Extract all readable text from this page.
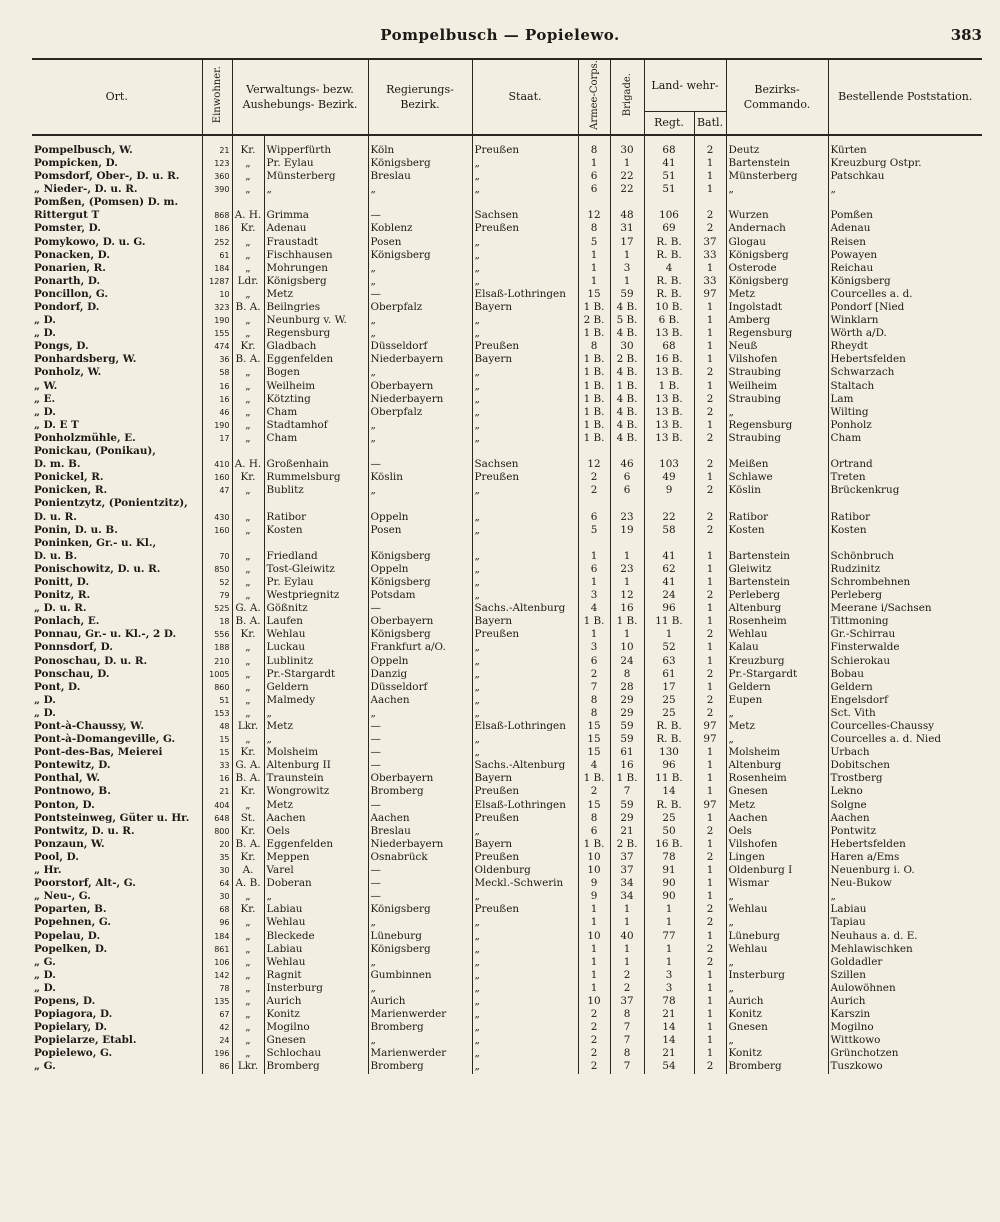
Pompelbusch — Popielewo.	383
Ort.	Einwohner.	Verwaltungs- bezw. Aushebungs- Bezirk.		Regierungs- Bezirk.	Staat.	Armee-Corps.	Brigade.	Land- wehr-		Bezirks- Commando.	Bestellende Poststation.
								Regt.	Batl.		
Pompelbusch, W.	21	Kr.	Wipperfürth	Köln	Preußen	8	30	68	2	Deutz	Kürten
Pompicken, D.	123	„	Pr. Eylau	Königsberg	„	1	1	41	1	Bartenstein	Kreuzburg Ostpr.
Pomsdorf, Ober-, D. u. R.	360	„	Münsterberg	Breslau	„	6	22	51	1	Münsterberg	Patschkau
„ Nieder-, D. u. R.	390	„	„	„	„	6	22	51	1	„	„
Pomßen, (Pomsen) D. m.											
Rittergut T	868	A. H.	Grimma	—	Sachsen	12	48	106	2	Wurzen	Pomßen
Pomster, D.	186	Kr.	Adenau	Koblenz	Preußen	8	31	69	2	Andernach	Adenau
Pomykowo, D. u. G.	252	„	Fraustadt	Posen	„	5	17	R. B.	37	Glogau	Reisen
Ponacken, D.	61	„	Fischhausen	Königsberg	„	1	1	R. B.	33	Königsberg	Powayen
Ponarien, R.	184	„	Mohrungen	„	„	1	3	4	1	Osterode	Reichau
Ponarth, D.	1287	Ldr.	Königsberg	„	„	1	1	R. B.	33	Königsberg	Königsberg
Poncillon, G.	10	„	Metz	—	Elsaß-Lothringen	15	59	R. B.	97	Metz	Courcelles a. d.
Pondorf, D.	323	B. A.	Beilngries	Oberpfalz	Bayern	1 B.	4 B.	10 B.	1	Ingolstadt	Pondorf [Nied
„ D.	190	„	Neunburg v. W.	„	„	2 B.	5 B.	6 B.	1	Amberg	Winklarn
„ D.	155	„	Regensburg	„	„	1 B.	4 B.	13 B.	1	Regensburg	Wörth a/D.
Pongs, D.	474	Kr.	Gladbach	Düsseldorf	Preußen	8	30	68	1	Neuß	Rheydt
Ponhardsberg, W.	36	B. A.	Eggenfelden	Niederbayern	Bayern	1 B.	2 B.	16 B.	1	Vilshofen	Hebertsfelden
Ponholz, W.	58	„	Bogen	„	„	1 B.	4 B.	13 B.	2	Straubing	Schwarzach
„ W.	16	„	Weilheim	Oberbayern	„	1 B.	1 B.	1 B.	1	Weilheim	Staltach
„ E.	16	„	Kötzting	Niederbayern	„	1 B.	4 B.	13 B.	2	Straubing	Lam
„ D.	46	„	Cham	Oberpfalz	„	1 B.	4 B.	13 B.	2	„	Wilting
„ D. E T	190	„	Stadtamhof	„	„	1 B.	4 B.	13 B.	1	Regensburg	Ponholz
Ponholzmühle, E.	17	„	Cham	„	„	1 B.	4 B.	13 B.	2	Straubing	Cham
Ponickau, (Ponikau),											
D. m. B.	410	A. H.	Großenhain	—	Sachsen	12	46	103	2	Meißen	Ortrand
Ponickel, R.	160	Kr.	Rummelsburg	Köslin	Preußen	2	6	49	1	Schlawe	Treten
Ponicken, R.	47	„	Bublitz	„	„	2	6	9	2	Köslin	Brückenkrug
Ponientzytz, (Ponientzitz),											
D. u. R.	430	„	Ratibor	Oppeln	„	6	23	22	2	Ratibor	Ratibor
Ponin, D. u. B.	160	„	Kosten	Posen	„	5	19	58	2	Kosten	Kosten
Poninken, Gr.- u. Kl.,											
D. u. B.	70	„	Friedland	Königsberg	„	1	1	41	1	Bartenstein	Schönbruch
Ponischowitz, D. u. R.	850	„	Tost-Gleiwitz	Oppeln	„	6	23	62	1	Gleiwitz	Rudzinitz
Ponitt, D.	52	„	Pr. Eylau	Königsberg	„	1	1	41	1	Bartenstein	Schrombehnen
Ponitz, R.	79	„	Westpriegnitz	Potsdam	„	3	12	24	2	Perleberg	Perleberg
„ D. u. R.	525	G. A.	Gößnitz	—	Sachs.-Altenburg	4	16	96	1	Altenburg	Meerane i/Sachsen
Ponlach, E.	18	B. A.	Laufen	Oberbayern	Bayern	1 B.	1 B.	11 B.	1	Rosenheim	Tittmoning
Ponnau, Gr.- u. Kl.-, 2 D.	556	Kr.	Wehlau	Königsberg	Preußen	1	1	1	2	Wehlau	Gr.-Schirrau
Ponnsdorf, D.	188	„	Luckau	Frankfurt a/O.	„	3	10	52	1	Kalau	Finsterwalde
Ponoschau, D. u. R.	210	„	Lublinitz	Oppeln	„	6	24	63	1	Kreuzburg	Schierokau
Ponschau, D.	1005	„	Pr.-Stargardt	Danzig	„	2	8	61	2	Pr.-Stargardt	Bobau
Pont, D.	860	„	Geldern	Düsseldorf	„	7	28	17	1	Geldern	Geldern
„ D.	51	„	Malmedy	Aachen	„	8	29	25	2	Eupen	Engelsdorf
„ D.	153	„	„	„	„	8	29	25	2	„	Sct. Vith
Pont-à-Chaussy, W.	48	Lkr.	Metz	—	Elsaß-Lothringen	15	59	R. B.	97	Metz	Courcelles-Chaussy
Pont-à-Domangeville, G.	15	„	„	—	„	15	59	R. B.	97	„	Courcelles a. d. Nied
Pont-des-Bas, Meierei	15	Kr.	Molsheim	—	„	15	61	130	1	Molsheim	Urbach
Pontewitz, D.	33	G. A.	Altenburg II	—	Sachs.-Altenburg	4	16	96	1	Altenburg	Dobitschen
Ponthal, W.	16	B. A.	Traunstein	Oberbayern	Bayern	1 B.	1 B.	11 B.	1	Rosenheim	Trostberg
Pontnowo, B.	21	Kr.	Wongrowitz	Bromberg	Preußen	2	7	14	1	Gnesen	Lekno
Ponton, D.	404	„	Metz	—	Elsaß-Lothringen	15	59	R. B.	97	Metz	Solgne
Pontsteinweg, Güter u. Hr.	648	St.	Aachen	Aachen	Preußen	8	29	25	1	Aachen	Aachen
Pontwitz, D. u. R.	800	Kr.	Oels	Breslau	„	6	21	50	2	Oels	Pontwitz
Ponzaun, W.	20	B. A.	Eggenfelden	Niederbayern	Bayern	1 B.	2 B.	16 B.	1	Vilshofen	Hebertsfelden
Pool, D.	35	Kr.	Meppen	Osnabrück	Preußen	10	37	78	2	Lingen	Haren a/Ems
„ Hr.	30	A.	Varel	—	Oldenburg	10	37	91	1	Oldenburg I	Neuenburg i. O.
Poorstorf, Alt-, G.	64	A. B.	Doberan	—	Meckl.-Schwerin	9	34	90	1	Wismar	Neu-Bukow
„ Neu-, G.	30	„	„	—	„	9	34	90	1	„	„
Poparten, B.	68	Kr.	Labiau	Königsberg	Preußen	1	1	1	2	Wehlau	Labiau
Popehnen, G.	96	„	Wehlau	„	„	1	1	1	2	„	Tapiau
Popelau, D.	184	„	Bleckede	Lüneburg	„	10	40	77	1	Lüneburg	Neuhaus a. d. E.
Popelken, D.	861	„	Labiau	Königsberg	„	1	1	1	2	Wehlau	Mehlawischken
„ G.	106	„	Wehlau	„	„	1	1	1	2	„	Goldadler
„ D.	142	„	Ragnit	Gumbinnen	„	1	2	3	1	Insterburg	Szillen
„ D.	78	„	Insterburg	„	„	1	2	3	1	„	Aulowöhnen
Popens, D.	135	„	Aurich	Aurich	„	10	37	78	1	Aurich	Aurich
Popiagora, D.	67	„	Konitz	Marienwerder	„	2	8	21	1	Konitz	Karszin
Popielary, D.	42	„	Mogilno	Bromberg	„	2	7	14	1	Gnesen	Mogilno
Popielarze, Etabl.	24	„	Gnesen	„	„	2	7	14	1	„	Wittkowo
Popielewo, G.	196	„	Schlochau	Marienwerder	„	2	8	21	1	Konitz	Grünchotzen
„ G.	86	Lkr.	Bromberg	Bromberg	„	2	7	54	2	Bromberg	Tuszkowo
